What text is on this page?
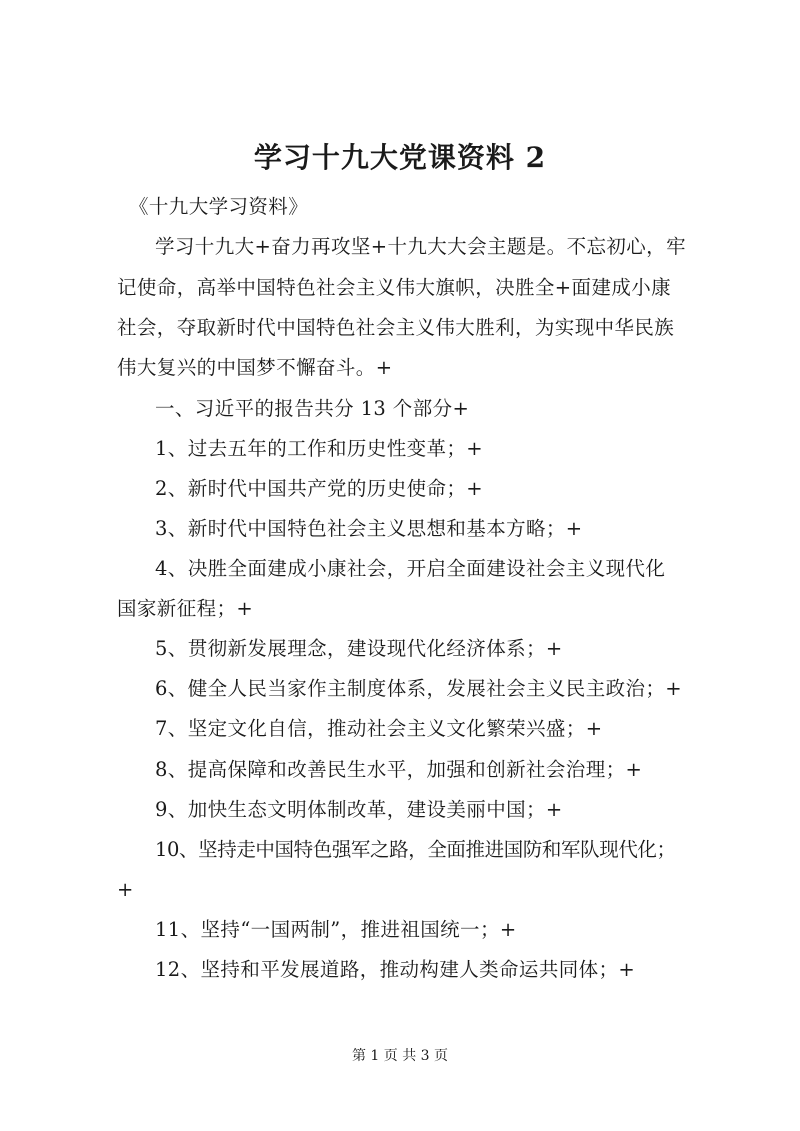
学习十九大党课资料 2
《十九大学习资料》
学习十九大+奋力再攻坚+十九大大会主题是。不忘初心，牢
记使命，高举中国特色社会主义伟大旗帜，决胜全+面建成小康
社会，夺取新时代中国特色社会主义伟大胜利，为实现中华民族
伟大复兴的中国梦不懈奋斗。+
一、习近平的报告共分 13 个部分+
1、过去五年的工作和历史性变革；+
2、新时代中国共产党的历史使命；+
3、新时代中国特色社会主义思想和基本方略；+
4、决胜全面建成小康社会，开启全面建设社会主义现代化
国家新征程；+
5、贯彻新发展理念，建设现代化经济体系；+
6、健全人民当家作主制度体系，发展社会主义民主政治；+
7、坚定文化自信，推动社会主义文化繁荣兴盛；+
8、提高保障和改善民生水平，加强和创新社会治理；+
9、加快生态文明体制改革，建设美丽中国；+
10、坚持走中国特色强军之路，全面推进国防和军队现代化；
+
11、坚持“一国两制”，推进祖国统一；+
12、坚持和平发展道路，推动构建人类命运共同体；+
第 1 页 共 3 页
